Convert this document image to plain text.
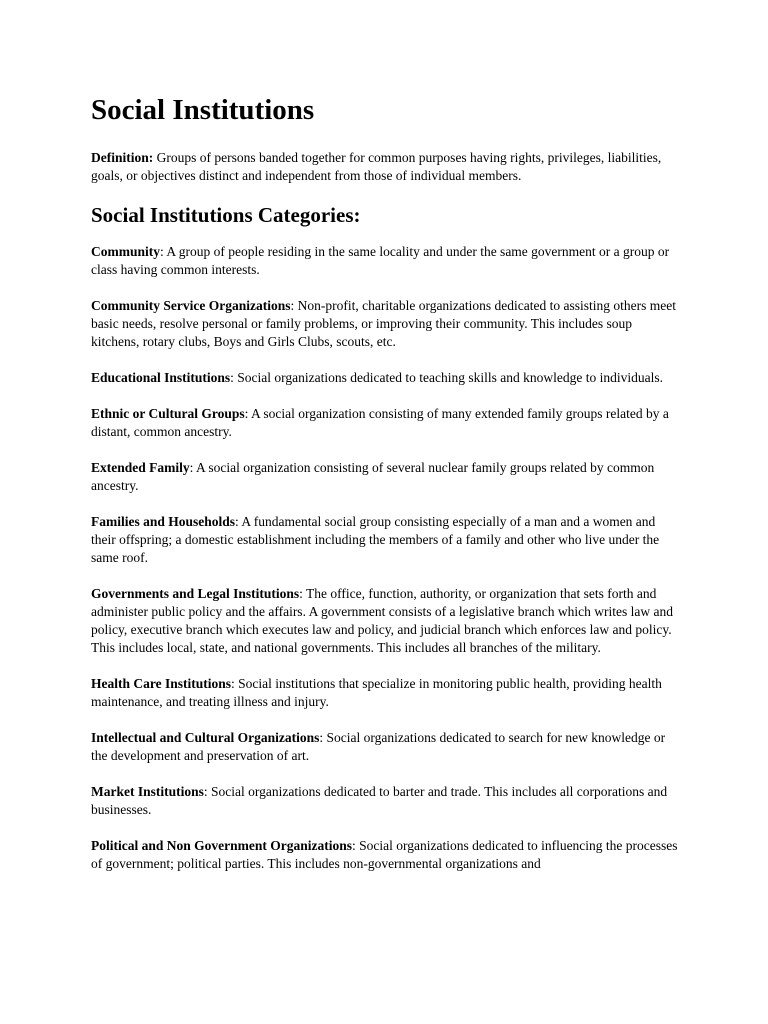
Social Institutions

Definition: Groups of persons banded together for common purposes having rights, privileges, liabilities, goals, or objectives distinct and independent from those of individual members.

Social Institutions Categories:

Community: A group of people residing in the same locality and under the same government or a group or class having common interests.

Community Service Organizations: Non-profit, charitable organizations dedicated to assisting others meet basic needs, resolve personal or family problems, or improving their community. This includes soup kitchens, rotary clubs, Boys and Girls Clubs, scouts, etc.

Educational Institutions: Social organizations dedicated to teaching skills and knowledge to individuals.

Ethnic or Cultural Groups: A social organization consisting of many extended family groups related by a distant, common ancestry.

Extended Family: A social organization consisting of several nuclear family groups related by common ancestry.

Families and Households: A fundamental social group consisting especially of a man and a women and their offspring; a domestic establishment including the members of a family and other who live under the same roof.

Governments and Legal Institutions: The office, function, authority, or organization that sets forth and administer public policy and the affairs. A government consists of a legislative branch which writes law and policy, executive branch which executes law and policy, and judicial branch which enforces law and policy. This includes local, state, and national governments. This includes all branches of the military.

Health Care Institutions: Social institutions that specialize in monitoring public health, providing health maintenance, and treating illness and injury.

Intellectual and Cultural Organizations: Social organizations dedicated to search for new knowledge or the development and preservation of art.

Market Institutions: Social organizations dedicated to barter and trade. This includes all corporations and businesses.

Political and Non Government Organizations: Social organizations dedicated to influencing the processes of government; political parties. This includes non-governmental organizations and
